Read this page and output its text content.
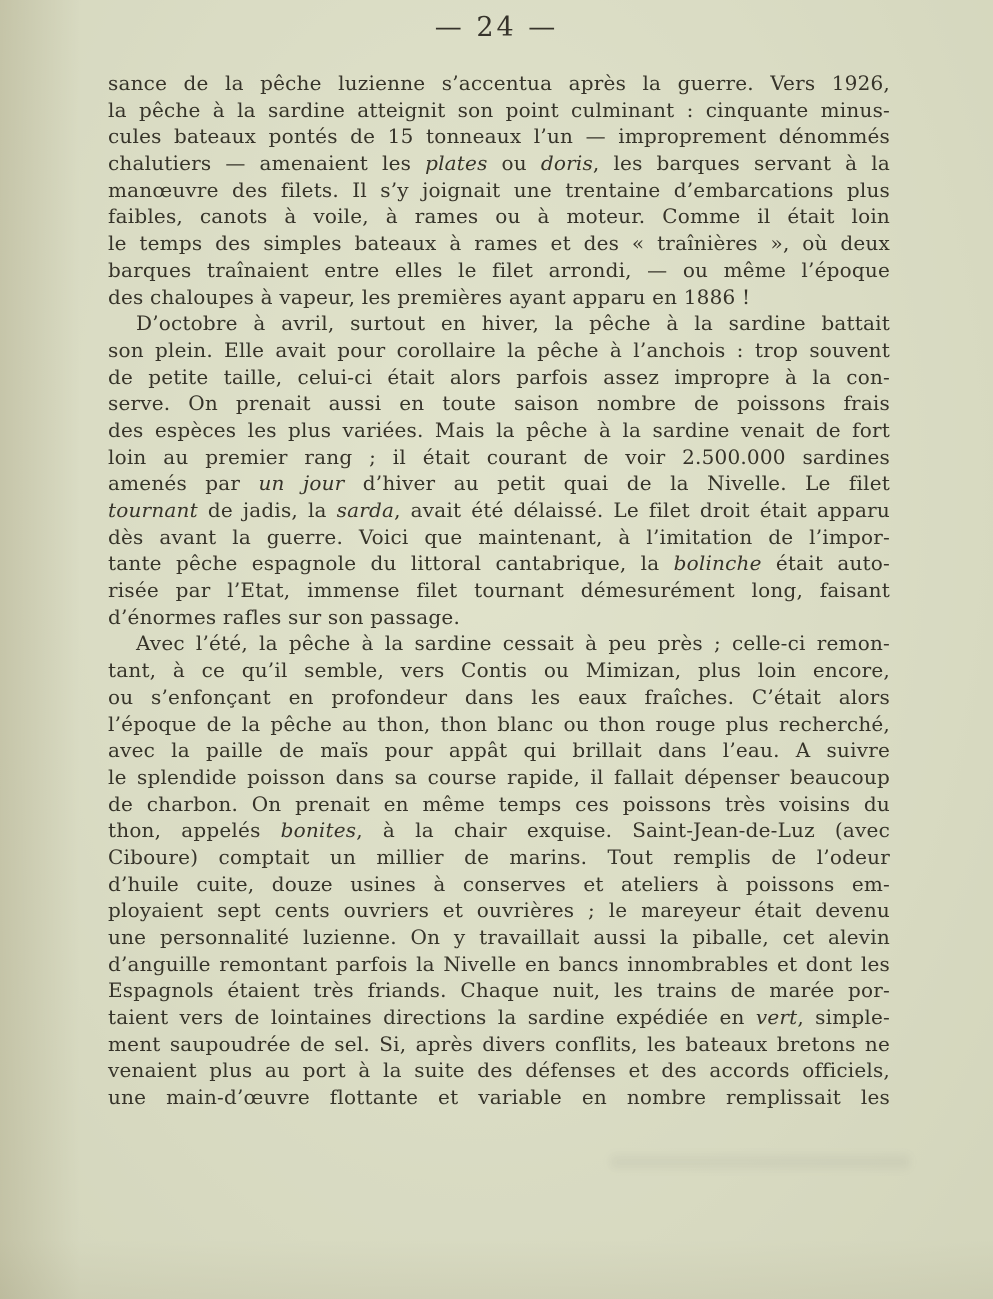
— 24 —
sance de la pêche luzienne s’accentua après la guerre. Vers 1926,
la pêche à la sardine atteignit son point culminant : cinquante minus-
cules bateaux pontés de 15 tonneaux l’un — improprement dénommés
chalutiers — amenaient les plates ou doris, les barques servant à la
manœuvre des filets. Il s’y joignait une trentaine d’embarcations plus
faibles, canots à voile, à rames ou à moteur. Comme il était loin
le temps des simples bateaux à rames et des « traînières », où deux
barques traînaient entre elles le filet arrondi, — ou même l’époque
des chaloupes à vapeur, les premières ayant apparu en 1886 !
D’octobre à avril, surtout en hiver, la pêche à la sardine battait
son plein. Elle avait pour corollaire la pêche à l’anchois : trop souvent
de petite taille, celui-ci était alors parfois assez impropre à la con-
serve. On prenait aussi en toute saison nombre de poissons frais
des espèces les plus variées. Mais la pêche à la sardine venait de fort
loin au premier rang ; il était courant de voir 2.500.000 sardines
amenés par un jour d’hiver au petit quai de la Nivelle. Le filet
tournant de jadis, la sarda, avait été délaissé. Le filet droit était apparu
dès avant la guerre. Voici que maintenant, à l’imitation de l’impor-
tante pêche espagnole du littoral cantabrique, la bolinche était auto-
risée par l’Etat, immense filet tournant démesurément long, faisant
d’énormes rafles sur son passage.
Avec l’été, la pêche à la sardine cessait à peu près ; celle-ci remon-
tant, à ce qu’il semble, vers Contis ou Mimizan, plus loin encore,
ou s’enfonçant en profondeur dans les eaux fraîches. C’était alors
l’époque de la pêche au thon, thon blanc ou thon rouge plus recherché,
avec la paille de maïs pour appât qui brillait dans l’eau. A suivre
le splendide poisson dans sa course rapide, il fallait dépenser beaucoup
de charbon. On prenait en même temps ces poissons très voisins du
thon, appelés bonites, à la chair exquise. Saint-Jean-de-Luz (avec
Ciboure) comptait un millier de marins. Tout remplis de l’odeur
d’huile cuite, douze usines à conserves et ateliers à poissons em-
ployaient sept cents ouvriers et ouvrières ; le mareyeur était devenu
une personnalité luzienne. On y travaillait aussi la piballe, cet alevin
d’anguille remontant parfois la Nivelle en bancs innombrables et dont les
Espagnols étaient très friands. Chaque nuit, les trains de marée por-
taient vers de lointaines directions la sardine expédiée en vert, simple-
ment saupoudrée de sel. Si, après divers conflits, les bateaux bretons ne
venaient plus au port à la suite des défenses et des accords officiels,
une main-d’œuvre flottante et variable en nombre remplissait les
